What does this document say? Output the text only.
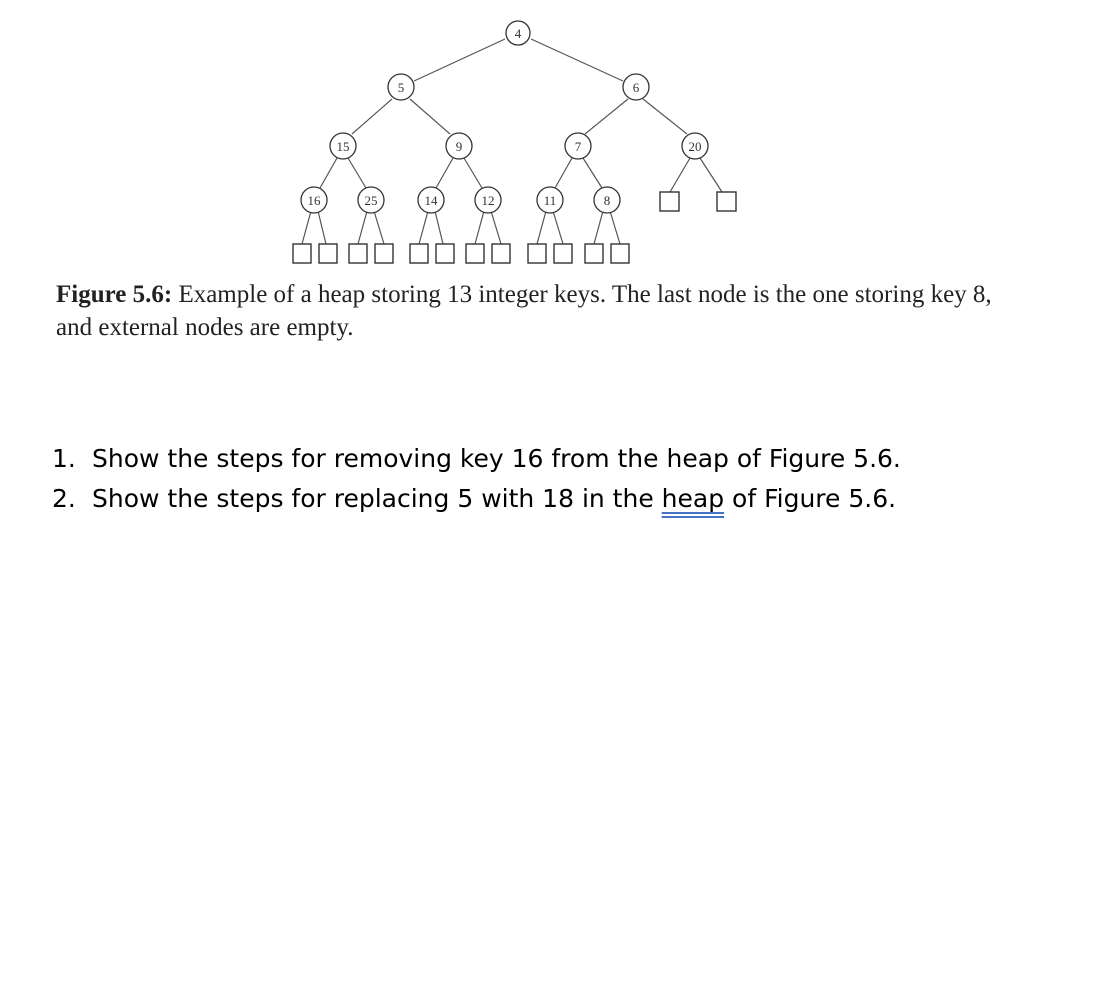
4
5	6
15	9	7	20
16	25	14	12	11	8
Figure 5.6: Example of a heap storing 13 integer keys. The last node is the one storing key 8, and external nodes are empty.
1. Show the steps for removing key 16 from the heap of Figure 5.6.
2. Show the steps for replacing 5 with 18 in the heap of Figure 5.6.
